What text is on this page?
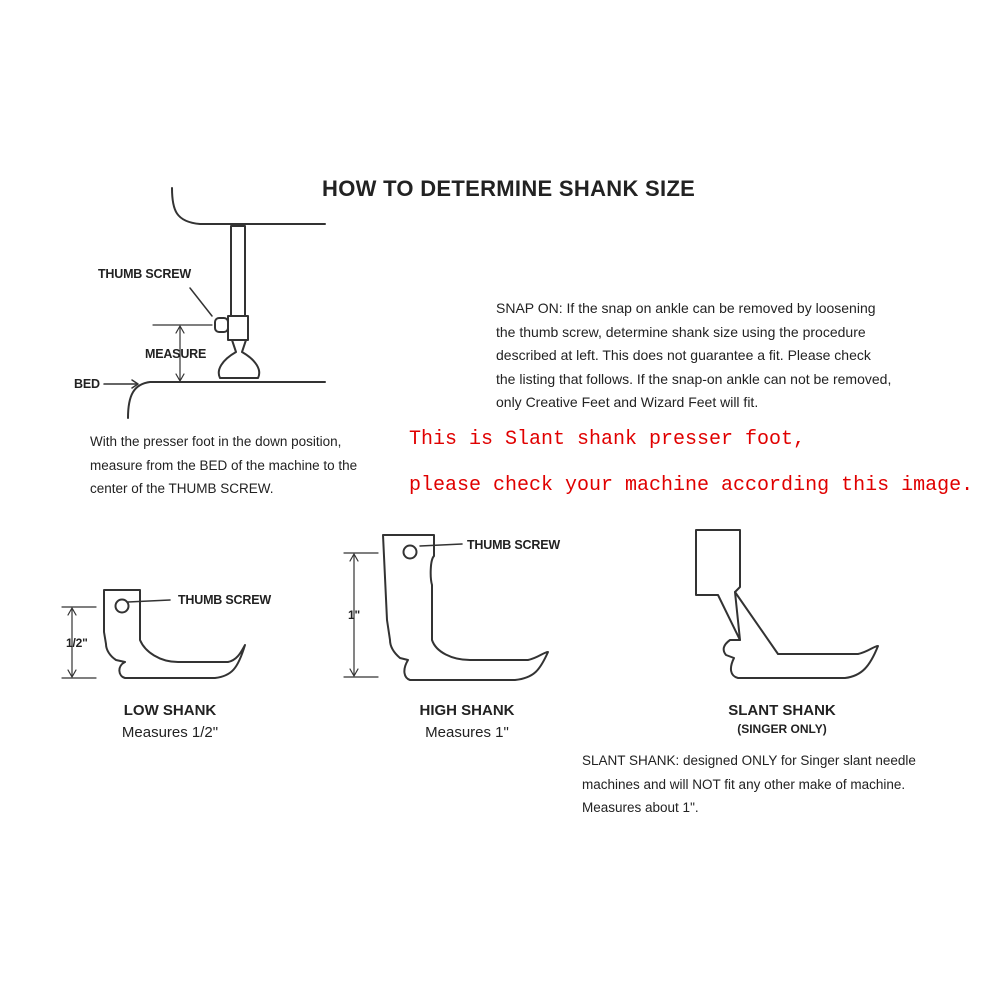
HOW TO DETERMINE SHANK SIZE
THUMB SCREW
MEASURE
BED
With the presser foot in the down position,
measure from the BED of the machine to the
center of the THUMB SCREW.
SNAP ON: If the snap on ankle can be removed by loosening
the thumb screw, determine shank size using the procedure
described at left. This does not guarantee a fit. Please check
the listing that follows. If the snap-on ankle can not be removed,
only Creative Feet and Wizard Feet will fit.
This is Slant shank presser foot,
please check your machine according this image.
THUMB SCREW
1/2"
LOW SHANK
Measures 1/2"
THUMB SCREW
1"
HIGH SHANK
Measures 1"
SLANT SHANK
(SINGER ONLY)
SLANT SHANK: designed ONLY for Singer slant needle
machines and will NOT fit any other make of machine.
Measures about 1".
